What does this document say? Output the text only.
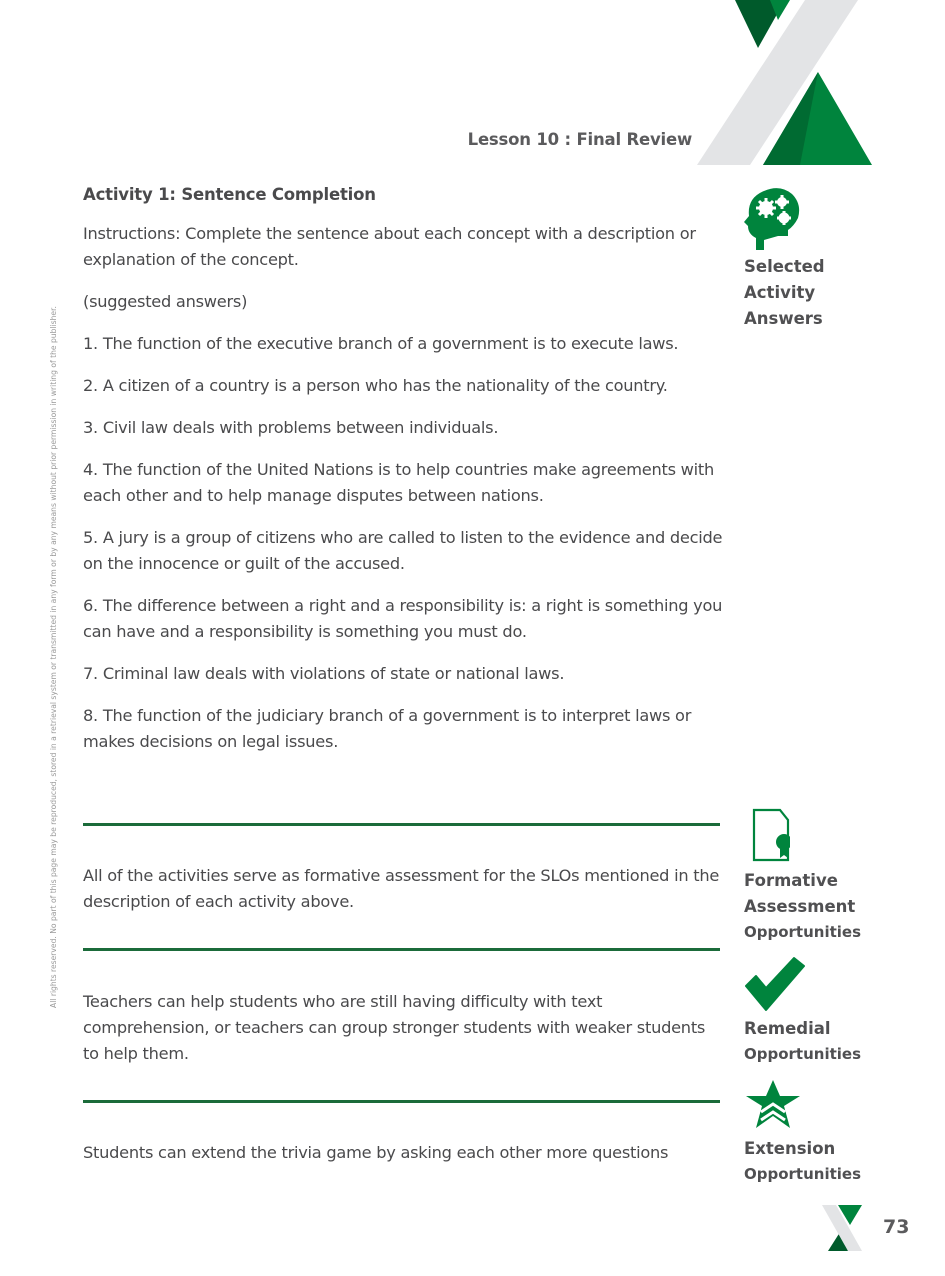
Lesson 10 : Final Review
All rights reserved. No part of this page may be reproduced, stored in a retrieval system or transmitted in any form or by any means without prior permission in writing of the publisher.
Activity 1: Sentence Completion

Instructions: Complete the sentence about each concept with a description or explanation of the concept.

(suggested answers)

1. The function of the executive branch of a government is to execute laws.

2. A citizen of a country is a person who has the nationality of the country.

3. Civil law deals with problems between individuals.

4. The function of the United Nations is to help countries make agreements with each other and to help manage disputes between nations.

5. A jury is a group of citizens who are called to listen to the evidence and decide on the innocence or guilt of the accused.

6. The difference between a right and a responsibility is: a right is something you can have and a responsibility is something you must do.

7. Criminal law deals with violations of state or national laws.

8. The function of the judiciary branch of a government is to interpret laws or makes decisions on legal issues.

Selected
Activity
Answers
All of the activities serve as formative assessment for the SLOs mentioned in the description of each activity above.
Formative
Assessment
Opportunities
Teachers can help students who are still having difficulty with text comprehension, or teachers can group stronger students with weaker students to help them.
Remedial
Opportunities
Students can extend the trivia game by asking each other more questions	Extension
Opportunities
73
